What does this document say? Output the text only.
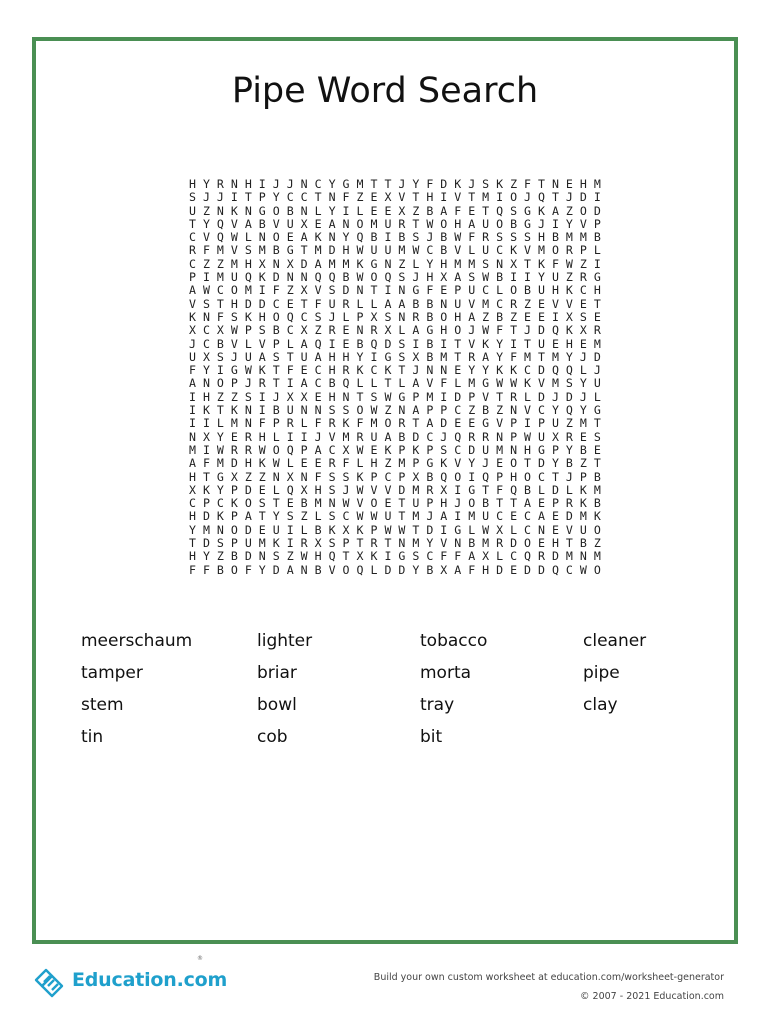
Pipe Word Search
H Y R N H I J J N C Y G M T T J Y F D K J S K Z F T N E H M
S J J I T P Y C C T N F Z E X V T H I V T M I O J Q T J D I
U Z N K N G O B N L Y I L E E X Z B A F E T Q S G K A Z O D
T Y Q V A B V U X E A N O M U R T W O H A U O B G J I Y V P
C V Q W L N O E A K N Y Q B I B S J B W F R S S S H B M M B
R F M V S M B G T M D H W U U M W C B V L U C K V M O R P L
C Z Z M H X N X D A M M K G N Z L Y H M M S N X T K F W Z I
P I M U Q K D N N Q Q B W O Q S J H X A S W B I I Y U Z R G
A W C O M I F Z X V S D N T I N G F E P U C L O B U H K C H
V S T H D D C E T F U R L L A A B B N U V M C R Z E V V E T
K N F S K H O Q C S J L P X S N R B O H A Z B Z E E I X S E
X C X W P S B C X Z R E N R X L A G H O J W F T J D Q K X R
J C B V L V P L A Q I E B Q D S I B I T V K Y I T U E H E M
U X S J U A S T U A H H Y I G S X B M T R A Y F M T M Y J D
F Y I G W K T F E C H R K C K T J N N E Y Y K K C D Q Q L J
A N O P J R T I A C B Q L L T L A V F L M G W W K V M S Y U
I H Z Z S I J X X E H N T S W G P M I D P V T R L D J D J L
I K T K N I B U N N S S O W Z N A P P C Z B Z N V C Y Q Y G
I I L M N F P R L F R K F M O R T A D E E G V P I P U Z M T
N X Y E R H L I I J V M R U A B D C J Q R R N P W U X R E S
M I W R R W O Q P A C X W E K P K P S C D U M N H G P Y B E
A F M D H K W L E E R F L H Z M P G K V Y J E O T D Y B Z T
H T G X Z Z N X N F S S K P C P X B Q O I Q P H O C T J P B
X K Y P D E L Q X H S J W V V D M R X I G T F Q B L D L K M
C P C K O S T E B M N W V O E T U P H J O B T T A E P R K B
H D K P A T Y S Z L S C W W U T M J A I M U C E C A E D M K
Y M N O D E U I L B K X K P W W T D I G L W X L C N E V U O
T D S P U M K I R X S P T R T N M Y V N B M R D O E H T B Z
H Y Z B D N S Z W H Q T X K I G S C F F A X L C Q R D M N M
F F B O F Y D A N B V O Q L D D Y B X A F H D E D D Q C W O
meerschaum	lighter	tobacco	cleaner
tamper	briar	morta	pipe
stem	bowl	tray	clay
tin	cob	bit
Education.com
®
Build your own custom worksheet at education.com/worksheet-generator
© 2007 - 2021 Education.com
